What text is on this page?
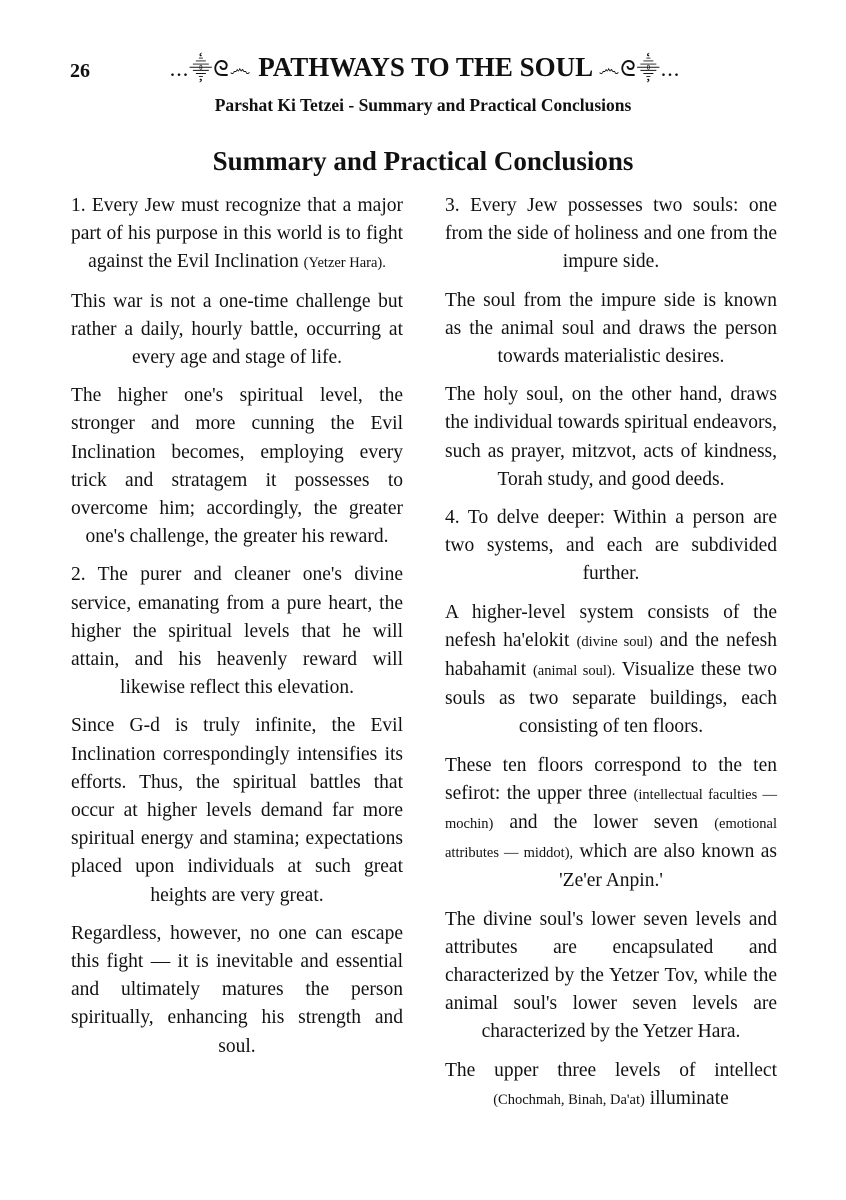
26	...⸎ᘓ෴ PATHWAYS TO THE SOUL ෴ᘓ⸎...
Parshat Ki Tetzei - Summary and Practical Conclusions
Summary and Practical Conclusions

1. Every Jew must recognize that a major part of his purpose in this world is to fight against the Evil Inclination (Yetzer Hara).

This war is not a one-time challenge but rather a daily, hourly battle, occurring at every age and stage of life.

The higher one's spiritual level, the stronger and more cunning the Evil Inclination becomes, employing every trick and stratagem it possesses to overcome him; accordingly, the greater one's challenge, the greater his reward.

2. The purer and cleaner one's divine service, emanating from a pure heart, the higher the spiritual levels that he will attain, and his heavenly reward will likewise reflect this elevation.

Since G-d is truly infinite, the Evil Inclination correspondingly intensifies its efforts. Thus, the spiritual battles that occur at higher levels demand far more spiritual energy and stamina; expectations placed upon individuals at such great heights are very great.

Regardless, however, no one can escape this fight — it is inevitable and essential and ultimately matures the person spiritually, enhancing his strength and soul.

3. Every Jew possesses two souls: one from the side of holiness and one from the impure side.

The soul from the impure side is known as the animal soul and draws the person towards materialistic desires.

The holy soul, on the other hand, draws the individual towards spiritual endeavors, such as prayer, mitzvot, acts of kindness, Torah study, and good deeds.

4. To delve deeper: Within a person are two systems, and each are subdivided further.

A higher-level system consists of the nefesh ha'elokit (divine soul) and the nefesh habahamit (animal soul). Visualize these two souls as two separate buildings, each consisting of ten floors.

These ten floors correspond to the ten sefirot: the upper three (intellectual faculties — mochin) and the lower seven (emotional attributes — middot), which are also known as 'Ze'er Anpin.'

The divine soul's lower seven levels and attributes are encapsulated and characterized by the Yetzer Tov, while the animal soul's lower seven levels are characterized by the Yetzer Hara.

The upper three levels of intellect (Chochmah, Binah, Da'at) illuminate
